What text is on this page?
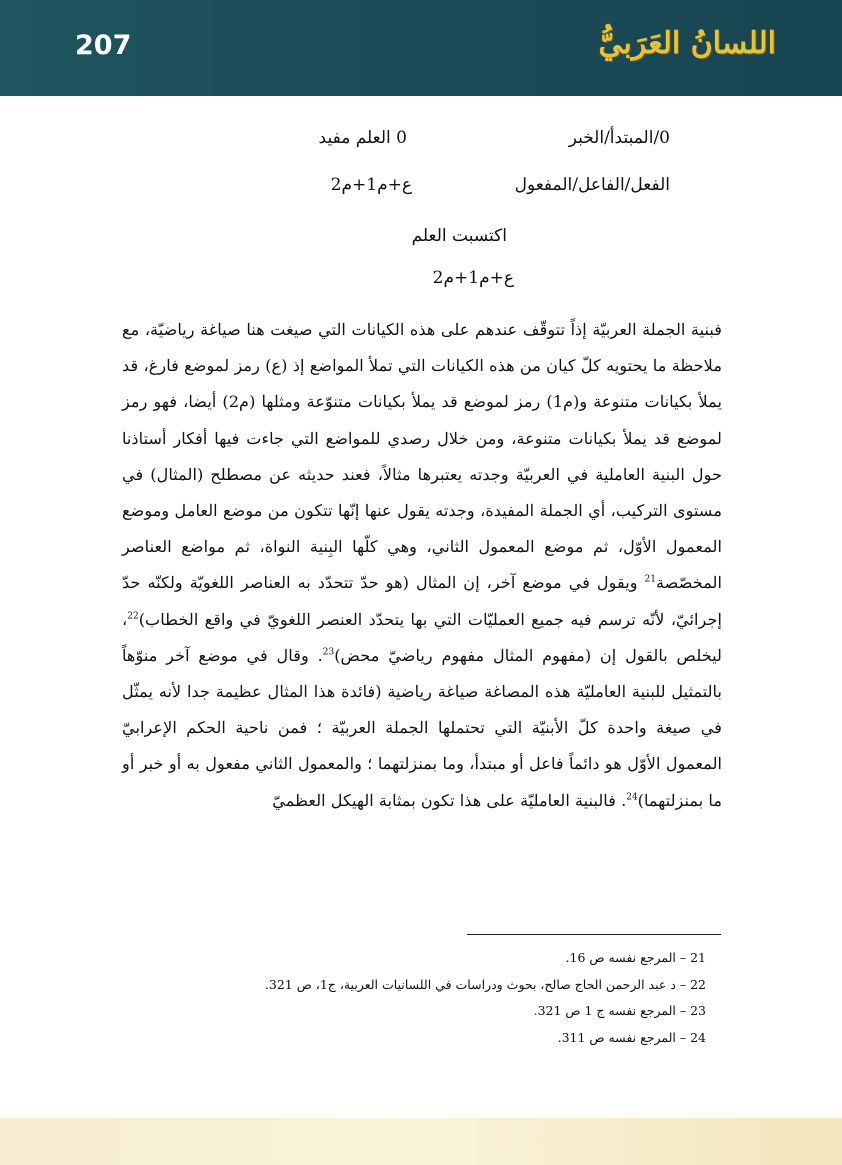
207	اللسانُ العَرَبيُّ
0/المبتدأ/الخبر
0 العلم مفيد
الفعل/الفاعل/المفعول
ع+م1+م2
اكتسبت العلم
ع+م1+م2
فبنية الجملة العربيّة إذاً تتوقّف عندهم على هذه الكيانات التي صيغت هنا صياغة رياضيّة، مع ملاحظة ما يحتويه كلّ كيان من هذه الكيانات التي تملأ المواضع إذ (ع) رمز لموضع فارغ، قد يملأ بكيانات متنوعة و(م1) رمز لموضع قد يملأ بكيانات متنوّعة ومثلها (م2) أيضا، فهو رمز لموضع قد يملأ بكيانات متنوعة، ومن خلال رصدي للمواضع التي جاءت فيها أفكار أستاذنا حول البنية العاملية في العربيّة وجدته يعتبرها مثالاً، فعند حديثه عن مصطلح (المثال) في مستوى التركيب، أي الجملة المفيدة، وجدته يقول عنها إنّها تتكون من موضع العامل وموضع المعمول الأوّل، ثم موضع المعمول الثاني، وهي كلّها البِنية النواة، ثم مواضع العناصر المخصّصة$^{21}$ ويقول في موضع آخر، إن المثال (هو حدّ تتحدّد به العناصر اللغويّة ولكنّه حدّ إجرائيّ، لأنّه ترسم فيه جميع العمليّات التي بها يتحدّد العنصر اللغويّ في واقع الخطاب)$^{22}$، ليخلص بالقول إن (مفهوم المثال مفهوم رياضيّ محض)$^{23}$. وقال في موضع آخر منوّهاً بالتمثيل للبنية العامليّة هذه المصاغة صياغة رياضية (فائدة هذا المثال عظيمة جدا لأنه يمثّل في صيغة واحدة كلّ الأبنيّة التي تحتملها الجملة العربيّة ؛ فمن ناحية الحكم الإعرابيّ المعمول الأوّل هو دائماً فاعل أو مبتدأ، وما بمنزلتهما ؛ والمعمول الثاني مفعول به أو خبر أو ما بمنزلتهما)$^{24}$. فالبنية العامليّة على هذا تكون بمثابة الهيكل العظميّ
21 – المرجع نفسه ص 16.
22 – د عبد الرحمن الحاج صالح، بحوث ودراسات في اللسانيات العربية، ج1، ص 321.
23 – المرجع نفسه ج 1 ص 321.
24 – المرجع نفسه ص 311.
